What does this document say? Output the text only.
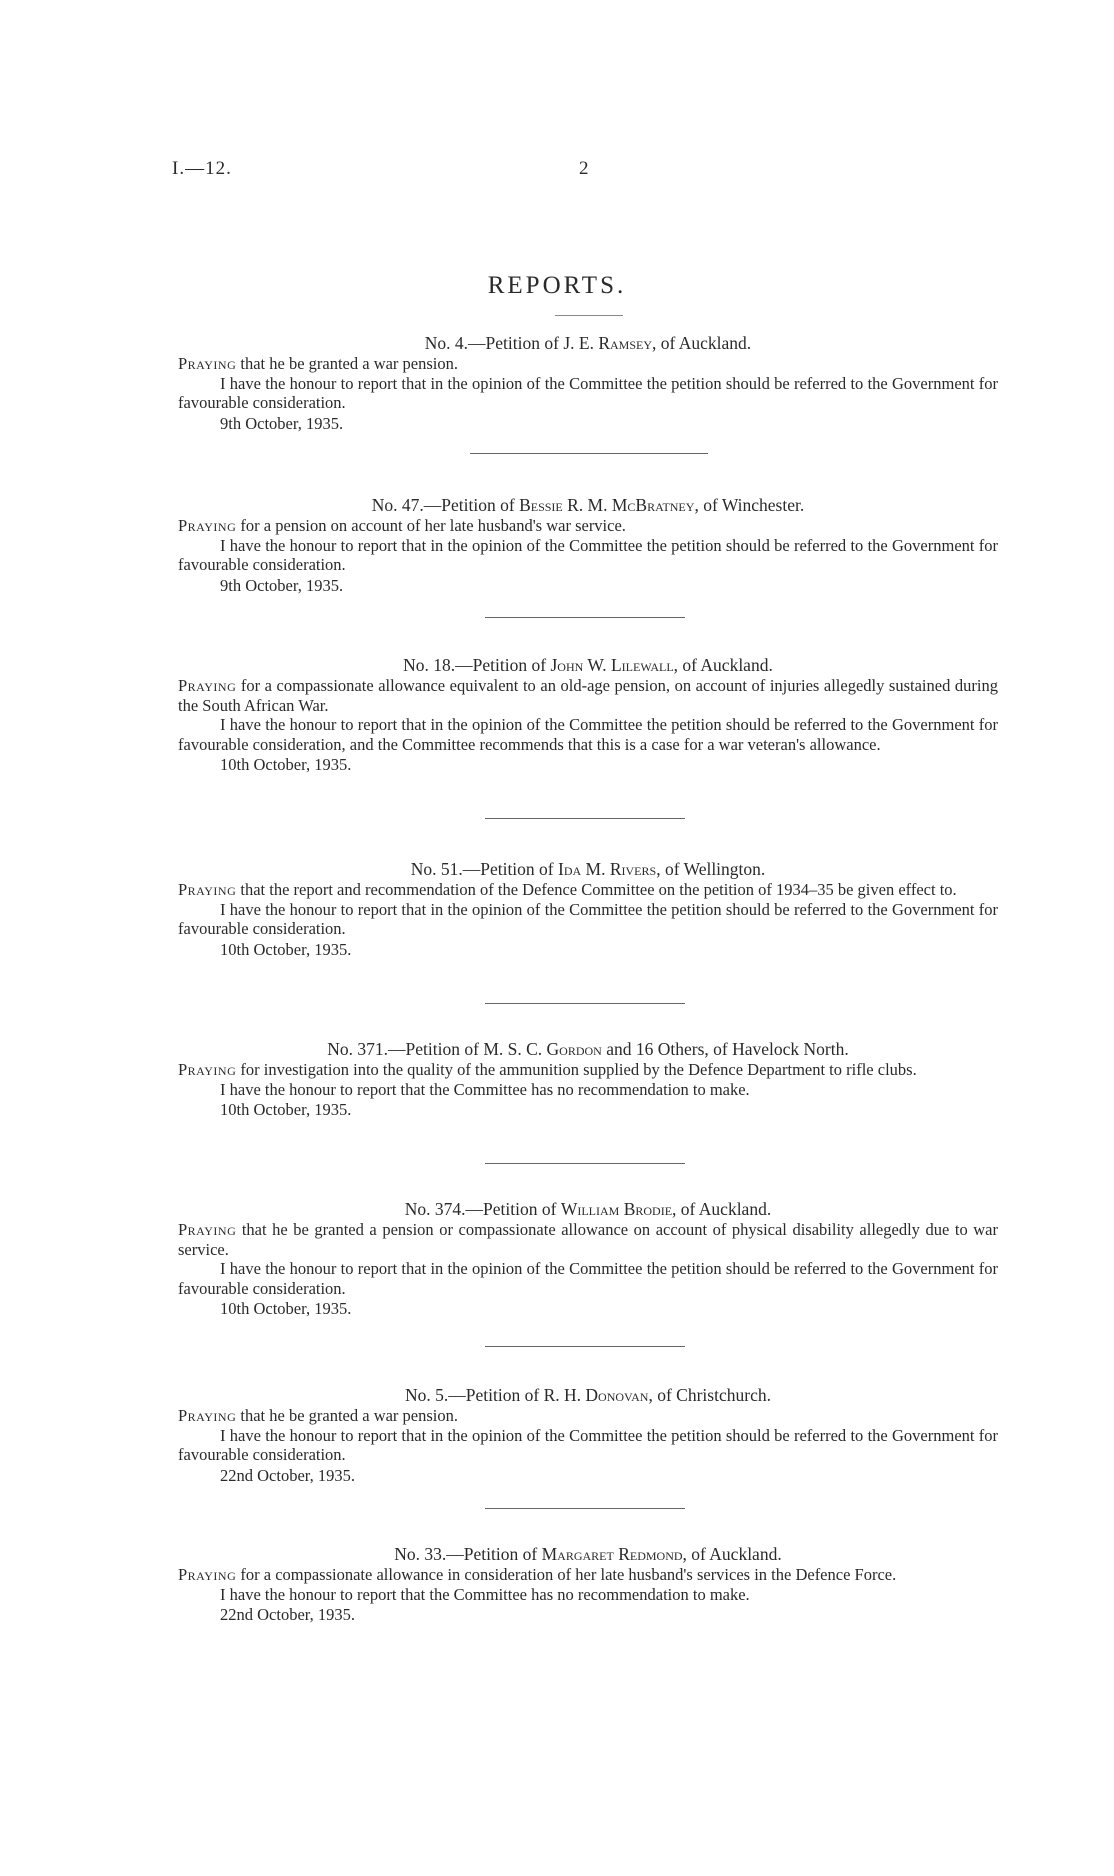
I.—12.	2
REPORTS.
No. 4.—Petition of J. E. Ramsey, of Auckland.

Praying that he be granted a war pension.

I have the honour to report that in the opinion of the Committee the petition should be referred to the Government for favourable consideration.

9th October, 1935.
No. 47.—Petition of Bessie R. M. McBratney, of Winchester.

Praying for a pension on account of her late husband's war service.

I have the honour to report that in the opinion of the Committee the petition should be referred to the Government for favourable consideration.

9th October, 1935.
No. 18.—Petition of John W. Lilewall, of Auckland.

Praying for a compassionate allowance equivalent to an old-age pension, on account of injuries allegedly sustained during the South African War.

I have the honour to report that in the opinion of the Committee the petition should be referred to the Government for favourable consideration, and the Committee recommends that this is a case for a war veteran's allowance.

10th October, 1935.
No. 51.—Petition of Ida M. Rivers, of Wellington.

Praying that the report and recommendation of the Defence Committee on the petition of 1934–35 be given effect to.

I have the honour to report that in the opinion of the Committee the petition should be referred to the Government for favourable consideration.

10th October, 1935.
No. 371.—Petition of M. S. C. Gordon and 16 Others, of Havelock North.

Praying for investigation into the quality of the ammunition supplied by the Defence Department to rifle clubs.

I have the honour to report that the Committee has no recommendation to make.

10th October, 1935.
No. 374.—Petition of William Brodie, of Auckland.

Praying that he be granted a pension or compassionate allowance on account of physical disability allegedly due to war service.

I have the honour to report that in the opinion of the Committee the petition should be referred to the Government for favourable consideration.

10th October, 1935.
No. 5.—Petition of R. H. Donovan, of Christchurch.

Praying that he be granted a war pension.

I have the honour to report that in the opinion of the Committee the petition should be referred to the Government for favourable consideration.

22nd October, 1935.
No. 33.—Petition of Margaret Redmond, of Auckland.

Praying for a compassionate allowance in consideration of her late husband's services in the Defence Force.

I have the honour to report that the Committee has no recommendation to make.

22nd October, 1935.
